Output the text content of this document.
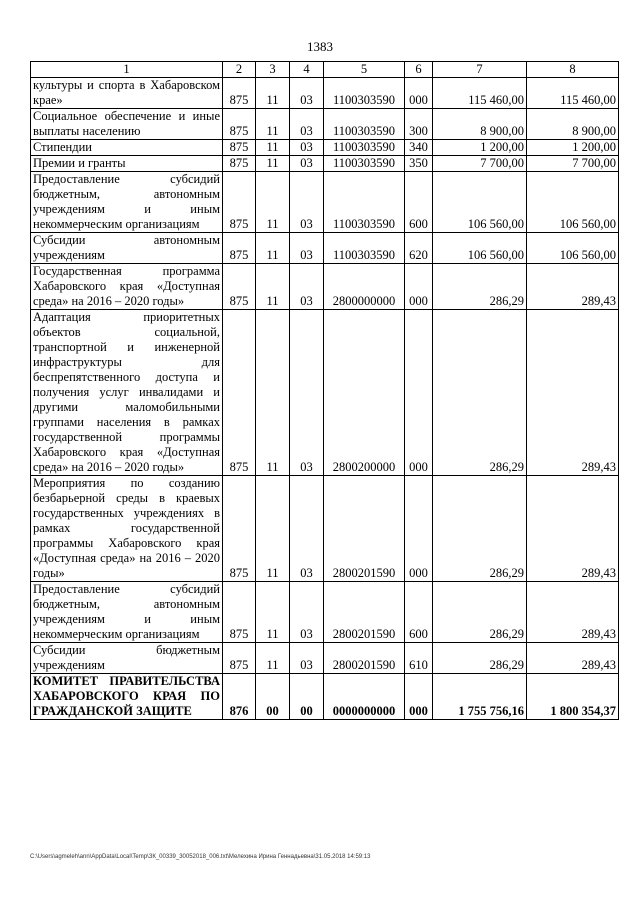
1383
1	2	3	4	5	6	7	8
культуры и спорта в Хабаровском крае»	875	11	03	1100303590	000	115 460,00	115 460,00
Социальное обеспечение и иные выплаты населению	875	11	03	1100303590	300	8 900,00	8 900,00
Стипендии	875	11	03	1100303590	340	1 200,00	1 200,00
Премии и гранты	875	11	03	1100303590	350	7 700,00	7 700,00
Предоставление субсидий бюджетным, автономным учреждениям и иным некоммерческим организациям	875	11	03	1100303590	600	106 560,00	106 560,00
Субсидии автономным учреждениям	875	11	03	1100303590	620	106 560,00	106 560,00
Государственная программа Хабаровского края «Доступная среда» на 2016 – 2020 годы»	875	11	03	2800000000	000	286,29	289,43
Адаптация приоритетных объектов социальной, транспортной и инженерной инфраструктуры для беспрепятственного доступа и получения услуг инвалидами и другими маломобильными группами населения в рамках государственной программы Хабаровского края «Доступная среда» на 2016 – 2020 годы»	875	11	03	2800200000	000	286,29	289,43
Мероприятия по созданию безбарьерной среды в краевых государственных учреждениях в рамках государственной программы Хабаровского края «Доступная среда» на 2016 – 2020 годы»	875	11	03	2800201590	000	286,29	289,43
Предоставление субсидий бюджетным, автономным учреждениям и иным некоммерческим организациям	875	11	03	2800201590	600	286,29	289,43
Субсидии бюджетным учреждениям	875	11	03	2800201590	610	286,29	289,43
КОМИТЕТ ПРАВИТЕЛЬСТВА ХАБАРОВСКОГО КРАЯ ПО ГРАЖДАНСКОЙ ЗАЩИТЕ	876	00	00	0000000000	000	1 755 756,16	1 800 354,37
C:\Users\agmeleh\ann\AppData\Local\Temp\ЗК_00339_30052018_006.txt\Мелехина Ирина Геннадьевна\31.05.2018 14:59:13
